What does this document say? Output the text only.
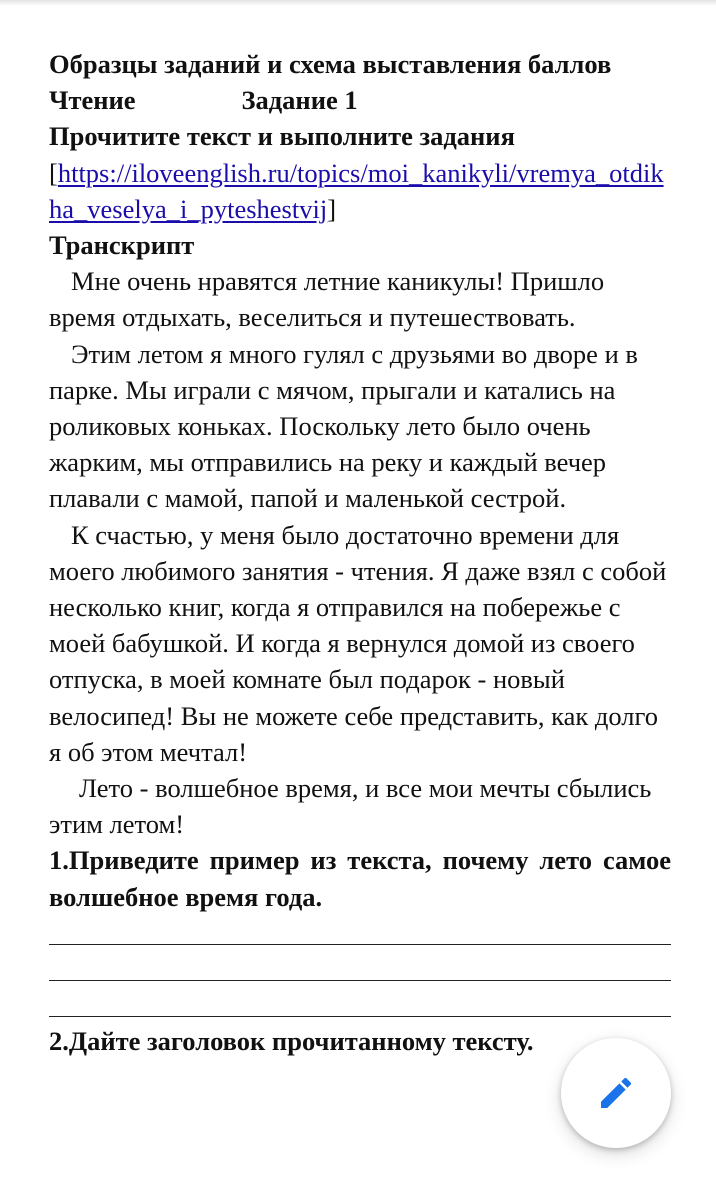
Образцы заданий и схема выставления баллов

Чтение	Задание 1

Прочитите текст и выполните задания

[https://iloveenglish.ru/topics/moi_kanikyli/vremya_otdikha_veselya_i_pyteshestvij]

Транскрипт

Мне очень нравятся летние каникулы! Пришло время отдыхать, веселиться и путешествовать.

Этим летом я много гулял с друзьями во дворе и в парке. Мы играли с мячом, прыгали и катались на роликовых коньках. Поскольку лето было очень жарким, мы отправились на реку и каждый вечер плавали с мамой, папой и маленькой сестрой.

К счастью, у меня было достаточно времени для моего любимого занятия - чтения. Я даже взял с собой несколько книг, когда я отправился на побережье с моей бабушкой. И когда я вернулся домой из своего отпуска, в моей комнате был подарок - новый велосипед! Вы не можете себе представить, как долго я об этом мечтал!

Лето - волшебное время, и все мои мечты сбылись этим летом!

1.Приведите пример из текста, почему лето самое волшебное время года.

2.Дайте заголовок прочитанному тексту.
